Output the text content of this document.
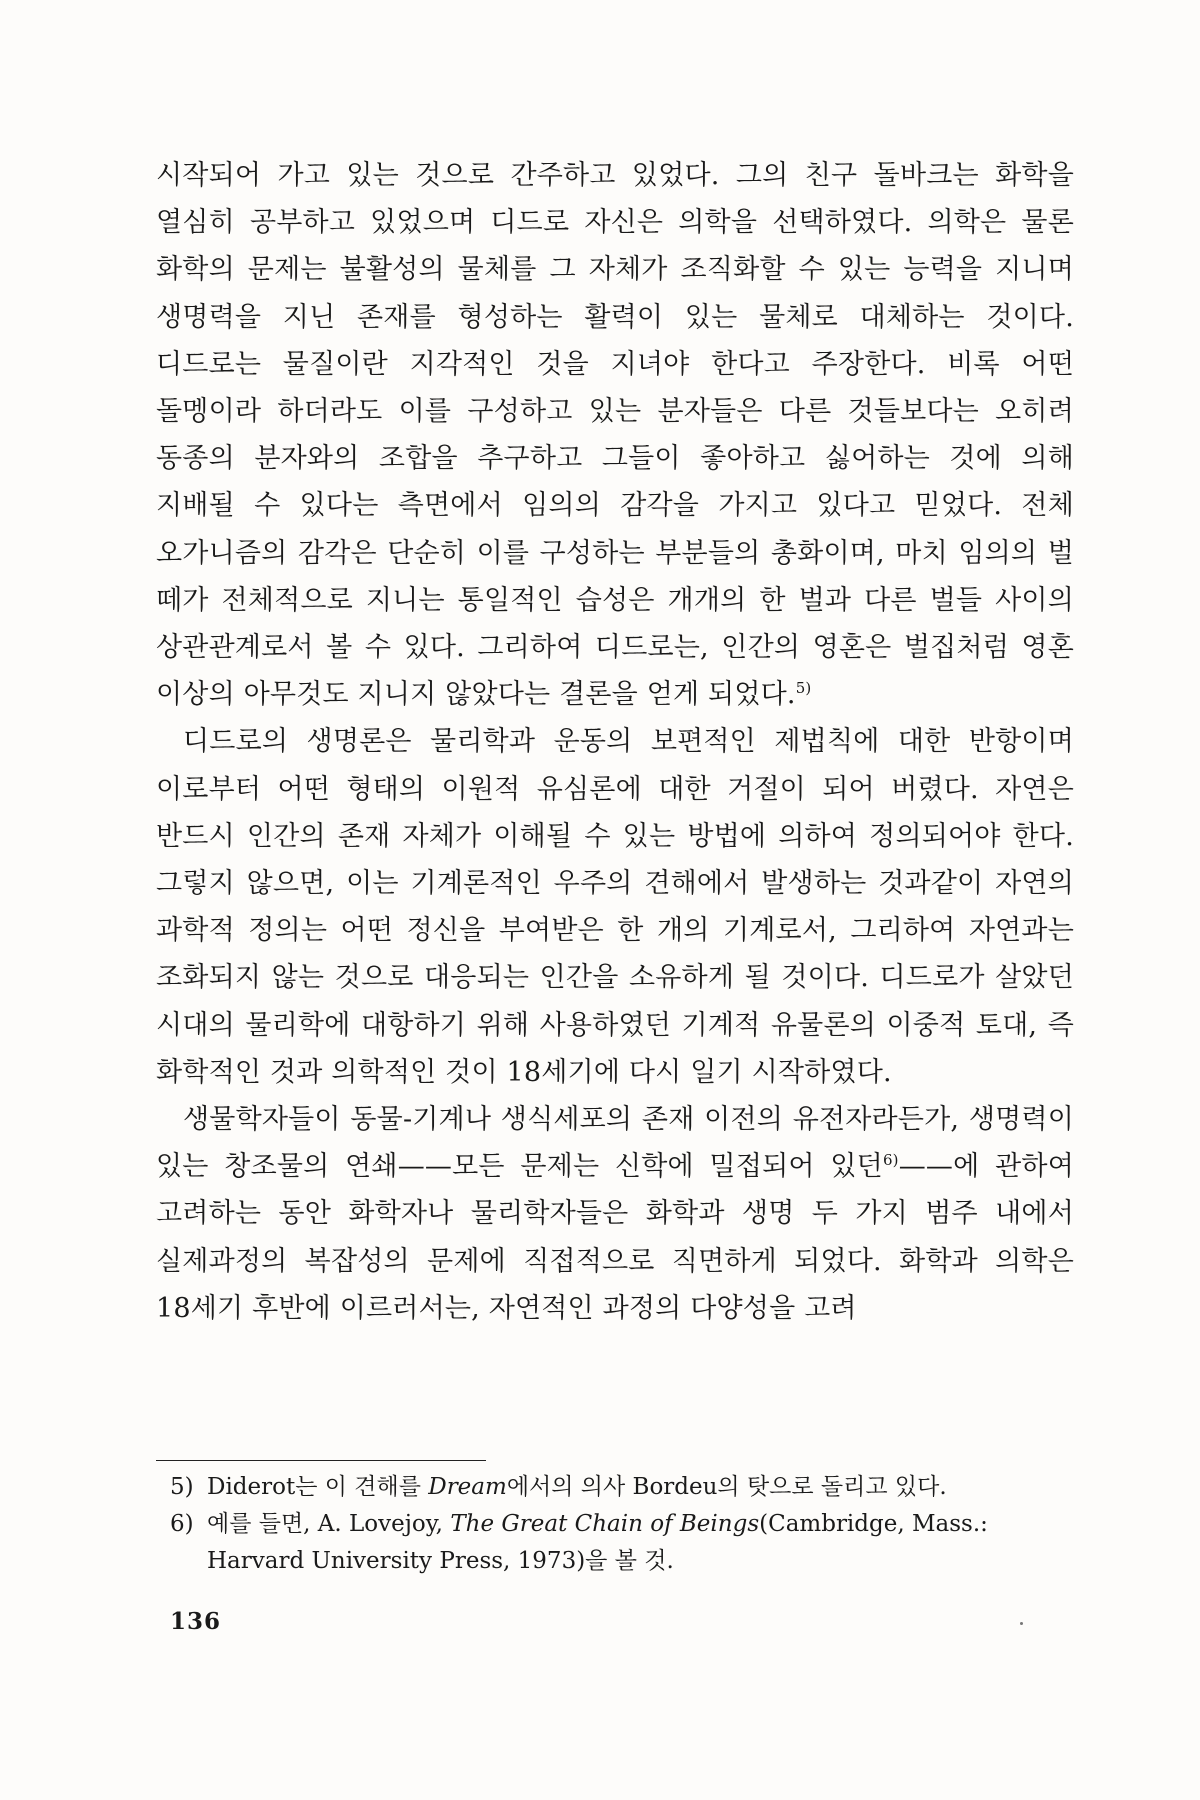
시작되어 가고 있는 것으로 간주하고 있었다. 그의 친구 돌바크는 화학을 열심히 공부하고 있었으며 디드로 자신은 의학을 선택하였다. 의학은 물론 화학의 문제는 불활성의 물체를 그 자체가 조직화할 수 있는 능력을 지니며 생명력을 지닌 존재를 형성하는 활력이 있는 물체로 대체하는 것이다. 디드로는 물질이란 지각적인 것을 지녀야 한다고 주장한다. 비록 어떤 돌멩이라 하더라도 이를 구성하고 있는 분자들은 다른 것들보다는 오히려 동종의 분자와의 조합을 추구하고 그들이 좋아하고 싫어하는 것에 의해 지배될 수 있다는 측면에서 임의의 감각을 가지고 있다고 믿었다. 전체 오가니즘의 감각은 단순히 이를 구성하는 부분들의 총화이며, 마치 임의의 벌 떼가 전체적으로 지니는 통일적인 습성은 개개의 한 벌과 다른 벌들 사이의 상관관계로서 볼 수 있다. 그리하여 디드로는, 인간의 영혼은 벌집처럼 영혼 이상의 아무것도 지니지 않았다는 결론을 얻게 되었다.$^{5)}$

디드로의 생명론은 물리학과 운동의 보편적인 제법칙에 대한 반항이며 이로부터 어떤 형태의 이원적 유심론에 대한 거절이 되어 버렸다. 자연은 반드시 인간의 존재 자체가 이해될 수 있는 방법에 의하여 정의되어야 한다. 그렇지 않으면, 이는 기계론적인 우주의 견해에서 발생하는 것과같이 자연의 과학적 정의는 어떤 정신을 부여받은 한 개의 기계로서, 그리하여 자연과는 조화되지 않는 것으로 대응되는 인간을 소유하게 될 것이다. 디드로가 살았던 시대의 물리학에 대항하기 위해 사용하였던 기계적 유물론의 이중적 토대, 즉 화학적인 것과 의학적인 것이 18세기에 다시 일기 시작하였다.

생물학자들이 동물-기계나 생식세포의 존재 이전의 유전자라든가, 생명력이 있는 창조물의 연쇄——모든 문제는 신학에 밀접되어 있던$^{6)}$——에 관하여 고려하는 동안 화학자나 물리학자들은 화학과 생명 두 가지 범주 내에서 실제과정의 복잡성의 문제에 직접적으로 직면하게 되었다. 화학과 의학은 18세기 후반에 이르러서는, 자연적인 과정의 다양성을 고려

5) Diderot는 이 견해를 Dream에서의 의사 Bordeu의 탓으로 돌리고 있다.

6) 예를 들면, A. Lovejoy, The Great Chain of Beings(Cambridge, Mass.: Harvard University Press, 1973)을 볼 것.

136
